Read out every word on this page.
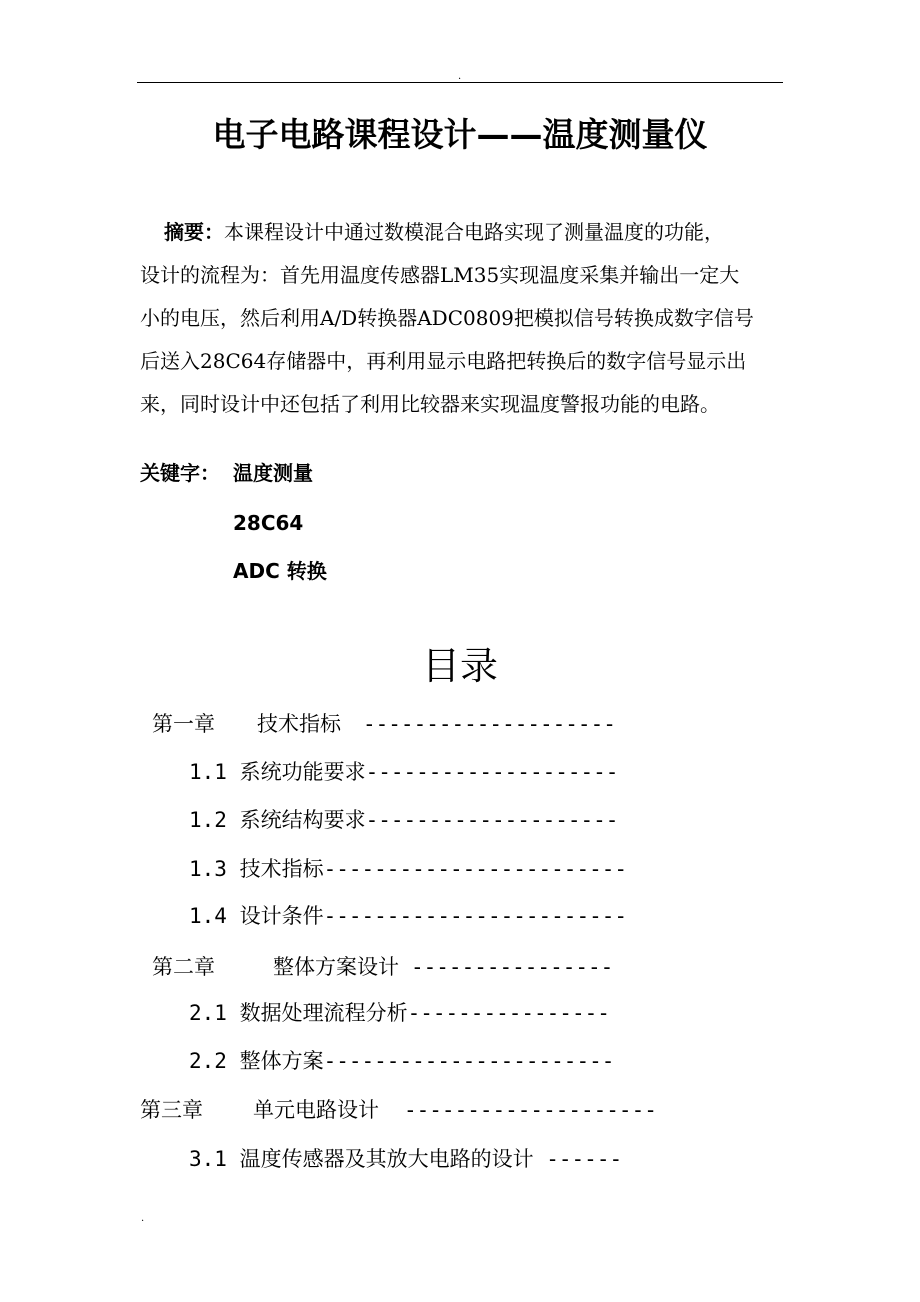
.
电子电路课程设计——温度测量仪

摘要：本课程设计中通过数模混合电路实现了测量温度的功能，

设计的流程为：首先用温度传感器LM35实现温度采集并输出一定大

小的电压，然后利用A/D转换器ADC0809把模拟信号转换成数字信号

后送入28C64存储器中，再利用显示电路把转换后的数字信号显示出

来，同时设计中还包括了利用比较器来实现温度警报功能的电路。

关键字： 温度测量
28C64
ADC 转换
目录
第一章 技术指标 --------------------
1.1 系统功能要求--------------------
1.2 系统结构要求--------------------
1.3 技术指标------------------------
1.4 设计条件------------------------
第二章	整体方案设计 ----------------
2.1 数据处理流程分析----------------
2.2 整体方案-----------------------
第三章 单元电路设计 --------------------
3.1 温度传感器及其放大电路的设计 ------
.
